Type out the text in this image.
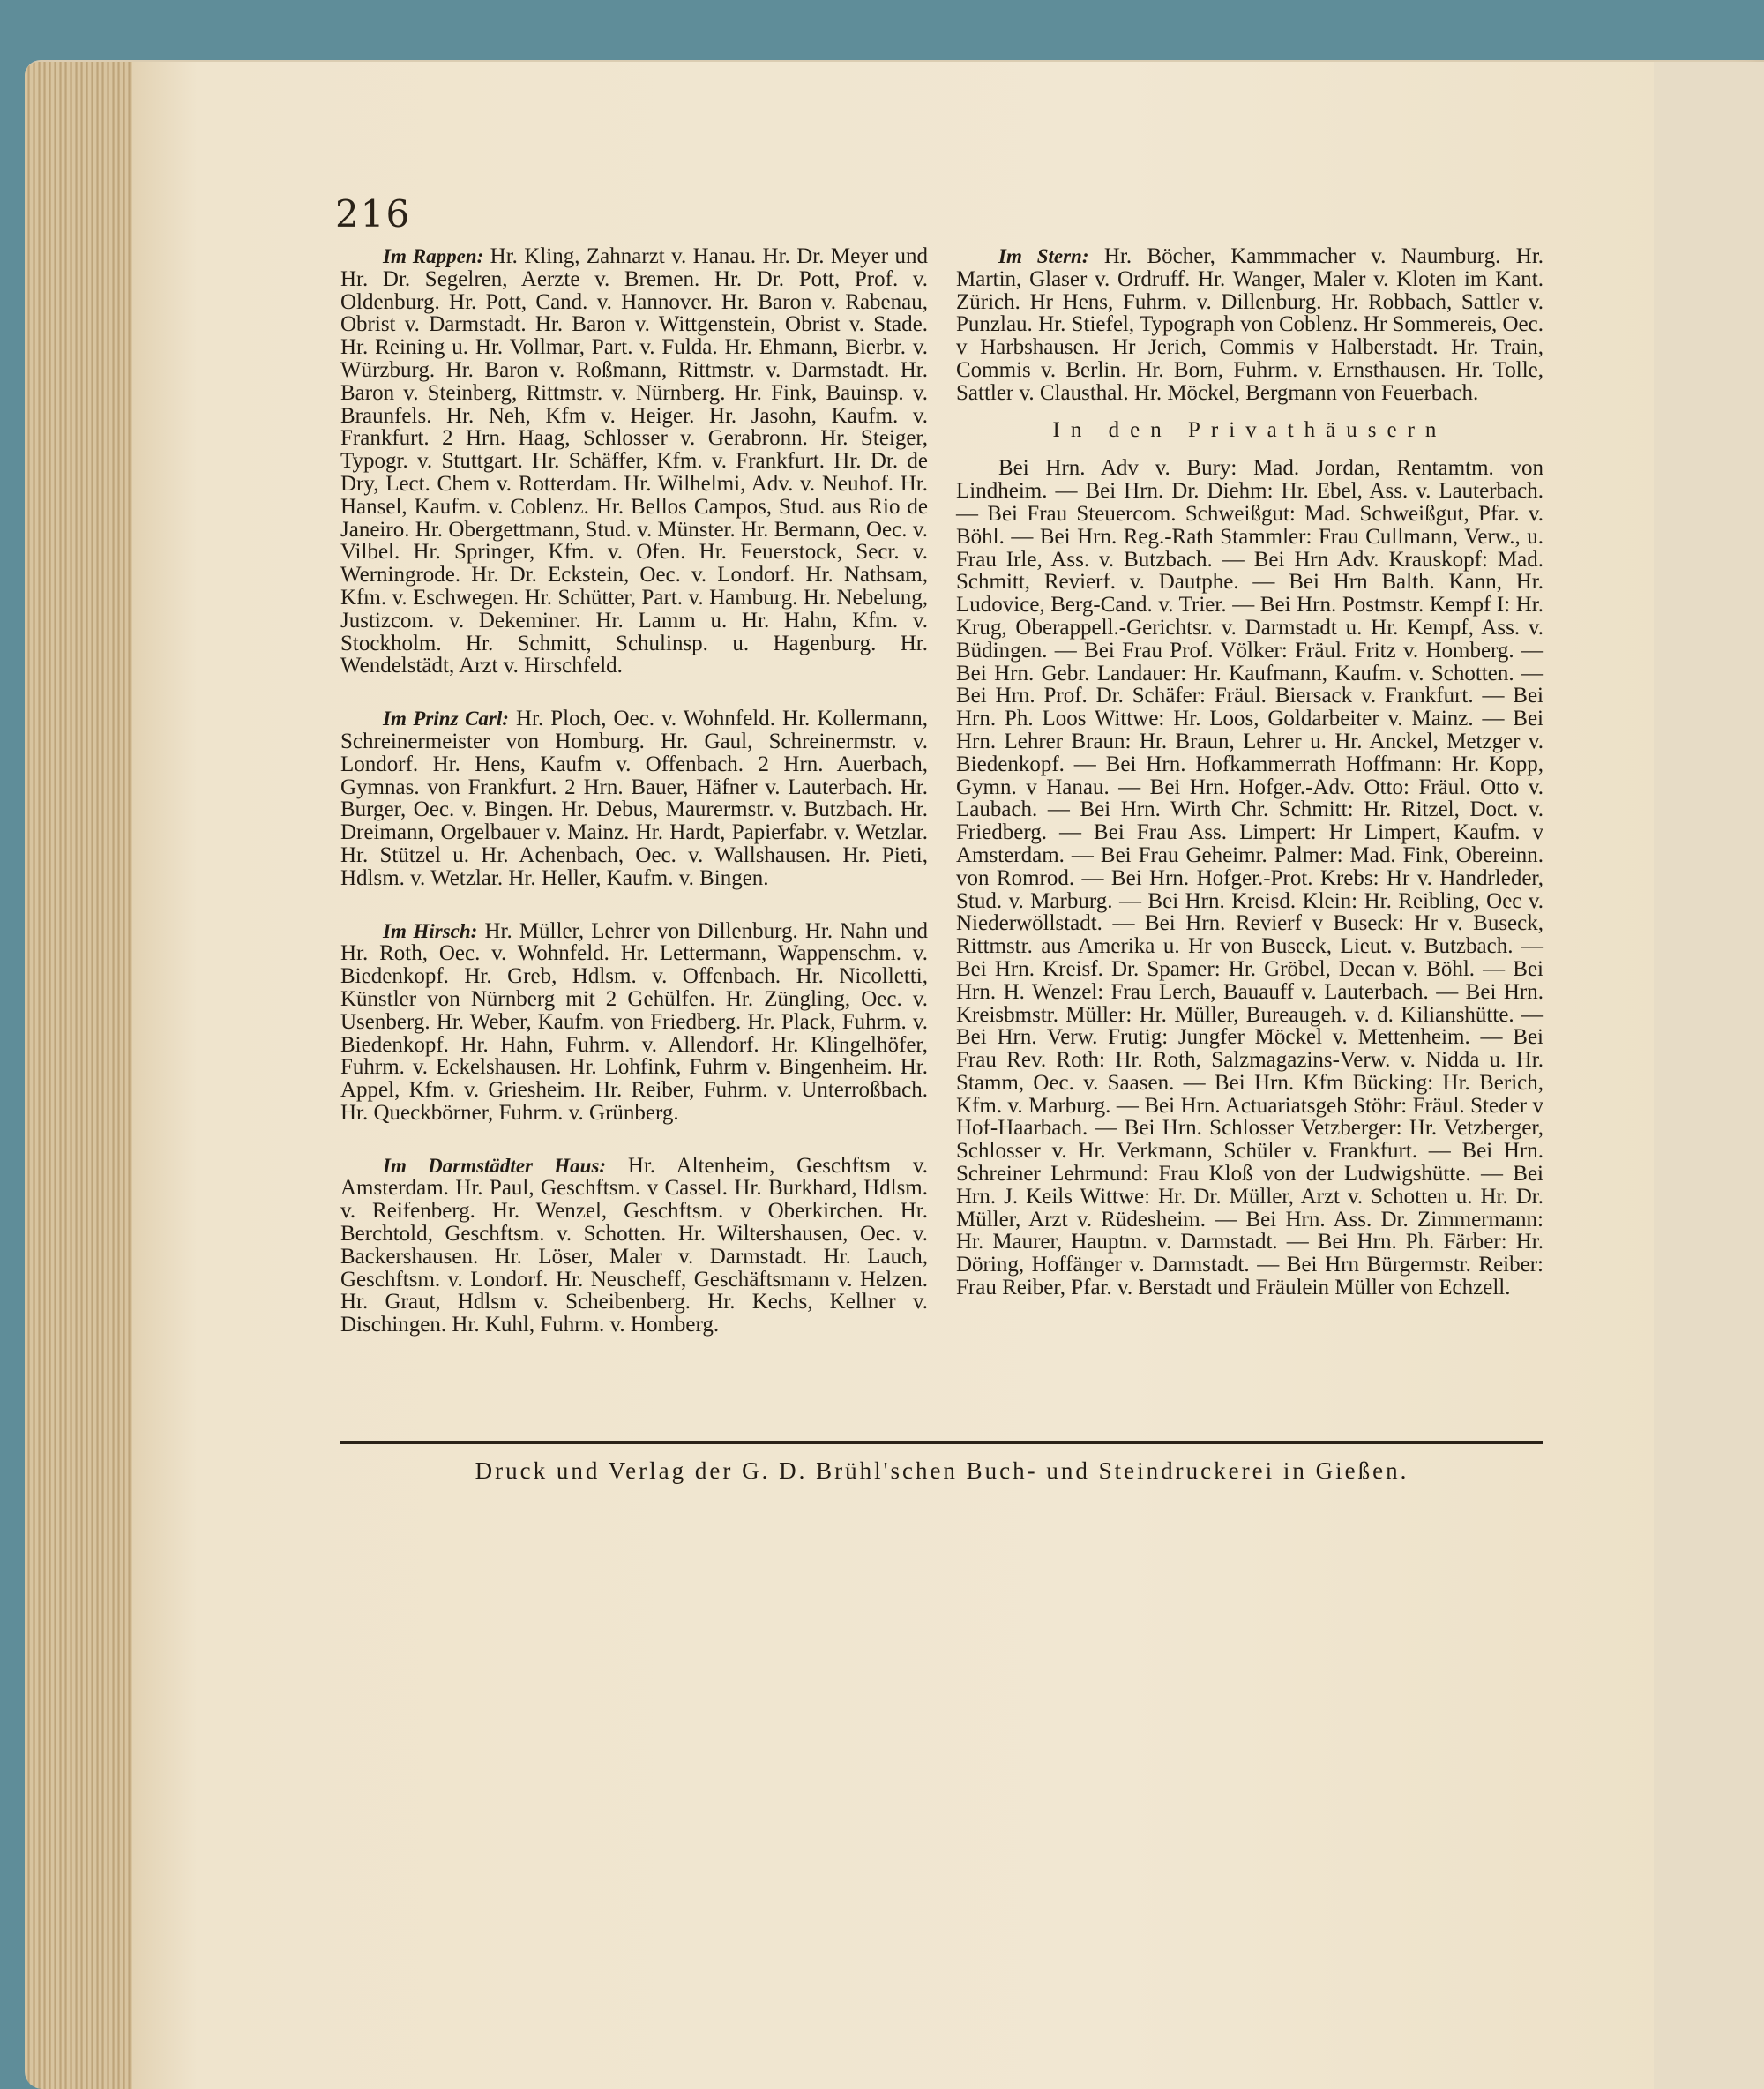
216

Im Rappen: Hr. Kling, Zahnarzt v. Hanau. Hr. Dr. Meyer und Hr. Dr. Segelren, Aerzte v. Bremen. Hr. Dr. Pott, Prof. v. Oldenburg. Hr. Pott, Cand. v. Hannover. Hr. Baron v. Rabenau, Obrist v. Darmstadt. Hr. Baron v. Wittgenstein, Obrist v. Stade. Hr. Reining u. Hr. Vollmar, Part. v. Fulda. Hr. Ehmann, Bierbr. v. Würzburg. Hr. Baron v. Roßmann, Rittmstr. v. Darmstadt. Hr. Baron v. Steinberg, Rittmstr. v. Nürnberg. Hr. Fink, Bauinsp. v. Braunfels. Hr. Neh, Kfm v. Heiger. Hr. Jasohn, Kaufm. v. Frankfurt. 2 Hrn. Haag, Schlosser v. Gerabronn. Hr. Steiger, Typogr. v. Stuttgart. Hr. Schäffer, Kfm. v. Frankfurt. Hr. Dr. de Dry, Lect. Chem v. Rotterdam. Hr. Wilhelmi, Adv. v. Neuhof. Hr. Hansel, Kaufm. v. Coblenz. Hr. Bellos Campos, Stud. aus Rio de Janeiro. Hr. Obergettmann, Stud. v. Münster. Hr. Bermann, Oec. v. Vilbel. Hr. Springer, Kfm. v. Ofen. Hr. Feuerstock, Secr. v. Werningrode. Hr. Dr. Eckstein, Oec. v. Londorf. Hr. Nathsam, Kfm. v. Eschwegen. Hr. Schütter, Part. v. Hamburg. Hr. Nebelung, Justizcom. v. Dekeminer. Hr. Lamm u. Hr. Hahn, Kfm. v. Stockholm. Hr. Schmitt, Schulinsp. u. Hagenburg. Hr. Wendelstädt, Arzt v. Hirschfeld.

Im Prinz Carl: Hr. Ploch, Oec. v. Wohnfeld. Hr. Kollermann, Schreinermeister von Homburg. Hr. Gaul, Schreinermstr. v. Londorf. Hr. Hens, Kaufm v. Offenbach. 2 Hrn. Auerbach, Gymnas. von Frankfurt. 2 Hrn. Bauer, Häfner v. Lauterbach. Hr. Burger, Oec. v. Bingen. Hr. Debus, Maurermstr. v. Butzbach. Hr. Dreimann, Orgelbauer v. Mainz. Hr. Hardt, Papierfabr. v. Wetzlar. Hr. Stützel u. Hr. Achenbach, Oec. v. Wallshausen. Hr. Pieti, Hdlsm. v. Wetzlar. Hr. Heller, Kaufm. v. Bingen.

Im Hirsch: Hr. Müller, Lehrer von Dillenburg. Hr. Nahn und Hr. Roth, Oec. v. Wohnfeld. Hr. Lettermann, Wappenschm. v. Biedenkopf. Hr. Greb, Hdlsm. v. Offenbach. Hr. Nicolletti, Künstler von Nürnberg mit 2 Gehülfen. Hr. Züngling, Oec. v. Usenberg. Hr. Weber, Kaufm. von Friedberg. Hr. Plack, Fuhrm. v. Biedenkopf. Hr. Hahn, Fuhrm. v. Allendorf. Hr. Klingelhöfer, Fuhrm. v. Eckelshausen. Hr. Lohfink, Fuhrm v. Bingenheim. Hr. Appel, Kfm. v. Griesheim. Hr. Reiber, Fuhrm. v. Unterroßbach. Hr. Queckbörner, Fuhrm. v. Grünberg.

Im Darmstädter Haus: Hr. Altenheim, Geschftsm v. Amsterdam. Hr. Paul, Geschftsm. v Cassel. Hr. Burkhard, Hdlsm. v. Reifenberg. Hr. Wenzel, Geschftsm. v Oberkirchen. Hr. Berchtold, Geschftsm. v. Schotten. Hr. Wiltershausen, Oec. v. Backershausen. Hr. Löser, Maler v. Darmstadt. Hr. Lauch, Geschftsm. v. Londorf. Hr. Neuscheff, Geschäftsmann v. Helzen. Hr. Graut, Hdlsm v. Scheibenberg. Hr. Kechs, Kellner v. Dischingen. Hr. Kuhl, Fuhrm. v. Homberg.

Im Stern: Hr. Böcher, Kammmacher v. Naumburg. Hr. Martin, Glaser v. Ordruff. Hr. Wanger, Maler v. Kloten im Kant. Zürich. Hr Hens, Fuhrm. v. Dillenburg. Hr. Robbach, Sattler v. Punzlau. Hr. Stiefel, Typograph von Coblenz. Hr Sommereis, Oec. v Harbshausen. Hr Jerich, Commis v Halberstadt. Hr. Train, Commis v. Berlin. Hr. Born, Fuhrm. v. Ernsthausen. Hr. Tolle, Sattler v. Clausthal. Hr. Möckel, Bergmann von Feuerbach.

In den Privathäusern

Bei Hrn. Adv v. Bury: Mad. Jordan, Rentamtm. von Lindheim. — Bei Hrn. Dr. Diehm: Hr. Ebel, Ass. v. Lauterbach. — Bei Frau Steuercom. Schweißgut: Mad. Schweißgut, Pfar. v. Böhl. — Bei Hrn. Reg.-Rath Stammler: Frau Cullmann, Verw., u. Frau Irle, Ass. v. Butzbach. — Bei Hrn Adv. Krauskopf: Mad. Schmitt, Revierf. v. Dautphe. — Bei Hrn Balth. Kann, Hr. Ludovice, Berg-Cand. v. Trier. — Bei Hrn. Postmstr. Kempf I: Hr. Krug, Oberappell.-Gerichtsr. v. Darmstadt u. Hr. Kempf, Ass. v. Büdingen. — Bei Frau Prof. Völker: Fräul. Fritz v. Homberg. — Bei Hrn. Gebr. Landauer: Hr. Kaufmann, Kaufm. v. Schotten. — Bei Hrn. Prof. Dr. Schäfer: Fräul. Biersack v. Frankfurt. — Bei Hrn. Ph. Loos Wittwe: Hr. Loos, Goldarbeiter v. Mainz. — Bei Hrn. Lehrer Braun: Hr. Braun, Lehrer u. Hr. Anckel, Metzger v. Biedenkopf. — Bei Hrn. Hofkammerrath Hoffmann: Hr. Kopp, Gymn. v Hanau. — Bei Hrn. Hofger.-Adv. Otto: Fräul. Otto v. Laubach. — Bei Hrn. Wirth Chr. Schmitt: Hr. Ritzel, Doct. v. Friedberg. — Bei Frau Ass. Limpert: Hr Limpert, Kaufm. v Amsterdam. — Bei Frau Geheimr. Palmer: Mad. Fink, Obereinn. von Romrod. — Bei Hrn. Hofger.-Prot. Krebs: Hr v. Handrleder, Stud. v. Marburg. — Bei Hrn. Kreisd. Klein: Hr. Reibling, Oec v. Niederwöllstadt. — Bei Hrn. Revierf v Buseck: Hr v. Buseck, Rittmstr. aus Amerika u. Hr von Buseck, Lieut. v. Butzbach. — Bei Hrn. Kreisf. Dr. Spamer: Hr. Gröbel, Decan v. Böhl. — Bei Hrn. H. Wenzel: Frau Lerch, Bauauff v. Lauterbach. — Bei Hrn. Kreisbmstr. Müller: Hr. Müller, Bureaugeh. v. d. Kilianshütte. — Bei Hrn. Verw. Frutig: Jungfer Möckel v. Mettenheim. — Bei Frau Rev. Roth: Hr. Roth, Salzmagazins-Verw. v. Nidda u. Hr. Stamm, Oec. v. Saasen. — Bei Hrn. Kfm Bücking: Hr. Berich, Kfm. v. Marburg. — Bei Hrn. Actuariatsgeh Stöhr: Fräul. Steder v Hof-Haarbach. — Bei Hrn. Schlosser Vetzberger: Hr. Vetzberger, Schlosser v. Hr. Verkmann, Schüler v. Frankfurt. — Bei Hrn. Schreiner Lehrmund: Frau Kloß von der Ludwigshütte. — Bei Hrn. J. Keils Wittwe: Hr. Dr. Müller, Arzt v. Schotten u. Hr. Dr. Müller, Arzt v. Rüdesheim. — Bei Hrn. Ass. Dr. Zimmermann: Hr. Maurer, Hauptm. v. Darmstadt. — Bei Hrn. Ph. Färber: Hr. Döring, Hoffänger v. Darmstadt. — Bei Hrn Bürgermstr. Reiber: Frau Reiber, Pfar. v. Berstadt und Fräulein Müller von Echzell.

Druck und Verlag der G. D. Brühl'schen Buch- und Steindruckerei in Gießen.
